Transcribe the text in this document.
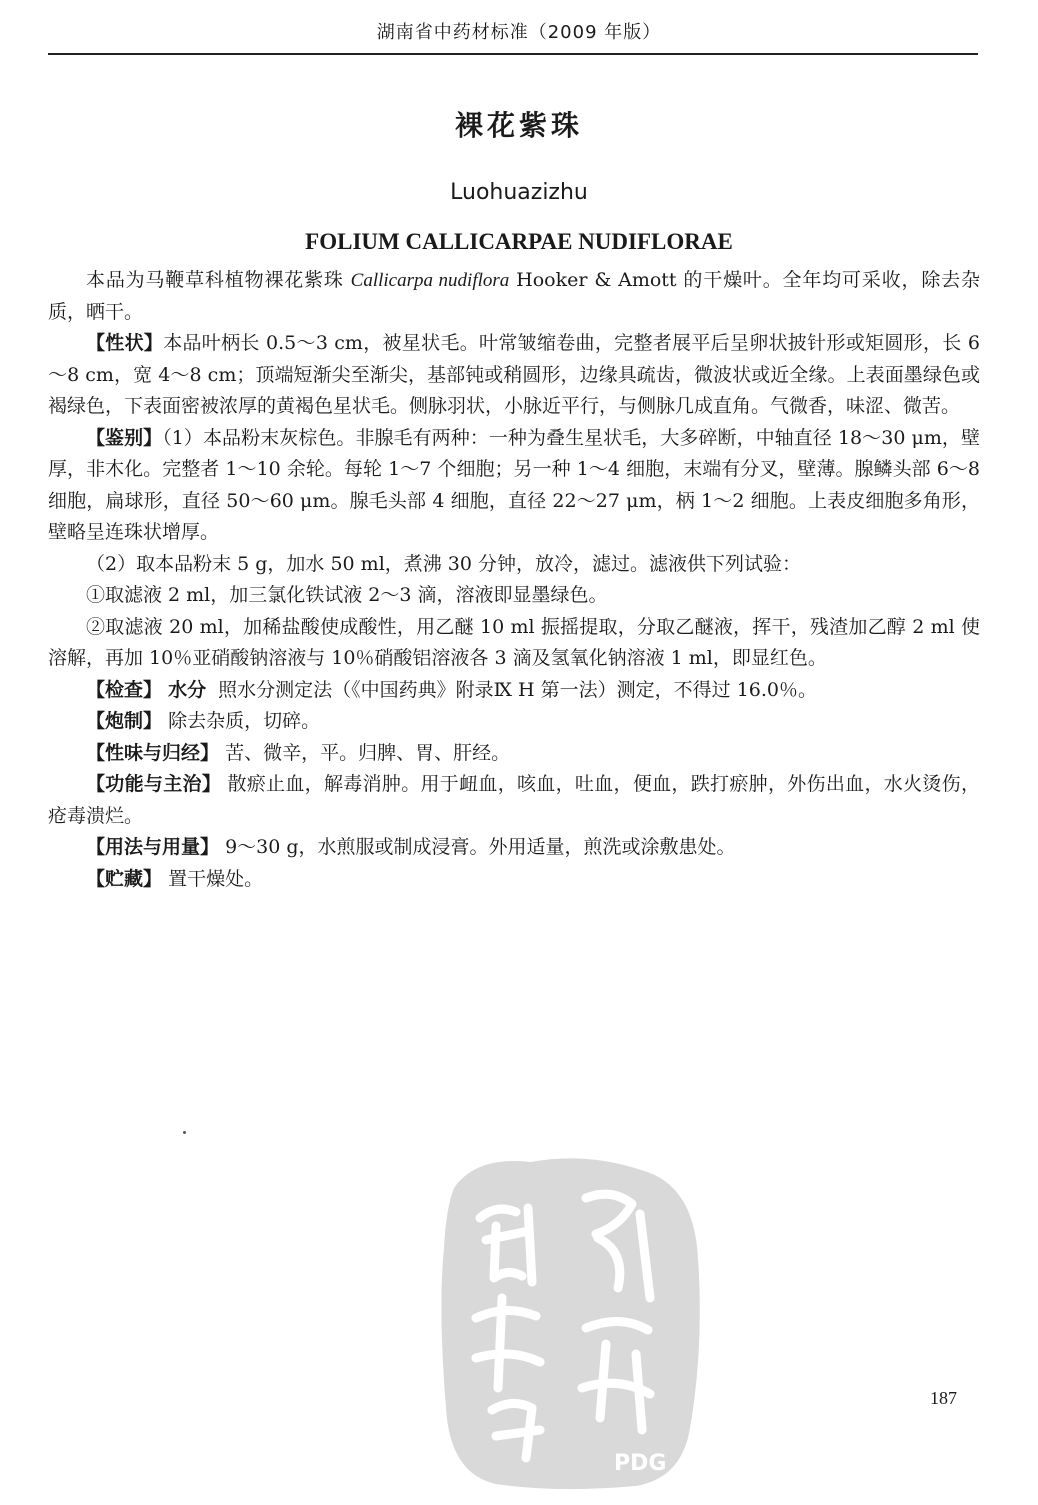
湖南省中药材标准（2009 年版）
裸花紫珠
Luohuazizhu
FOLIUM CALLICARPAE NUDIFLORAE

本品为马鞭草科植物裸花紫珠 Callicarpa nudiflora Hooker & Amott 的干燥叶。全年均可采收，除去杂质，晒干。

【性状】本品叶柄长 0.5～3 cm，被星状毛。叶常皱缩卷曲，完整者展平后呈卵状披针形或矩圆形，长 6～8 cm，宽 4～8 cm；顶端短渐尖至渐尖，基部钝或稍圆形，边缘具疏齿，微波状或近全缘。上表面墨绿色或褐绿色，下表面密被浓厚的黄褐色星状毛。侧脉羽状，小脉近平行，与侧脉几成直角。气微香，味涩、微苦。

【鉴别】（1）本品粉末灰棕色。非腺毛有两种：一种为叠生星状毛，大多碎断，中轴直径 18～30 μm，壁厚，非木化。完整者 1～10 余轮。每轮 1～7 个细胞；另一种 1～4 细胞，末端有分叉，壁薄。腺鳞头部 6～8 细胞，扁球形，直径 50～60 μm。腺毛头部 4 细胞，直径 22～27 μm，柄 1～2 细胞。上表皮细胞多角形，壁略呈连珠状增厚。

（2）取本品粉末 5 g，加水 50 ml，煮沸 30 分钟，放冷，滤过。滤液供下列试验：

①取滤液 2 ml，加三氯化铁试液 2～3 滴，溶液即显墨绿色。

②取滤液 20 ml，加稀盐酸使成酸性，用乙醚 10 ml 振摇提取，分取乙醚液，挥干，残渣加乙醇 2 ml 使溶解，再加 10％亚硝酸钠溶液与 10％硝酸铝溶液各 3 滴及氢氧化钠溶液 1 ml，即显红色。

【检查】 水分 照水分测定法（《中国药典》附录Ⅸ H 第一法）测定，不得过 16.0％。

【炮制】 除去杂质，切碎。

【性味与归经】 苦、微辛，平。归脾、胃、肝经。

【功能与主治】 散瘀止血，解毒消肿。用于衄血，咳血，吐血，便血，跌打瘀肿，外伤出血，水火烫伤，疮毒溃烂。

【用法与用量】 9～30 g，水煎服或制成浸膏。外用适量，煎洗或涂敷患处。

【贮藏】 置干燥处。

PDG
187
